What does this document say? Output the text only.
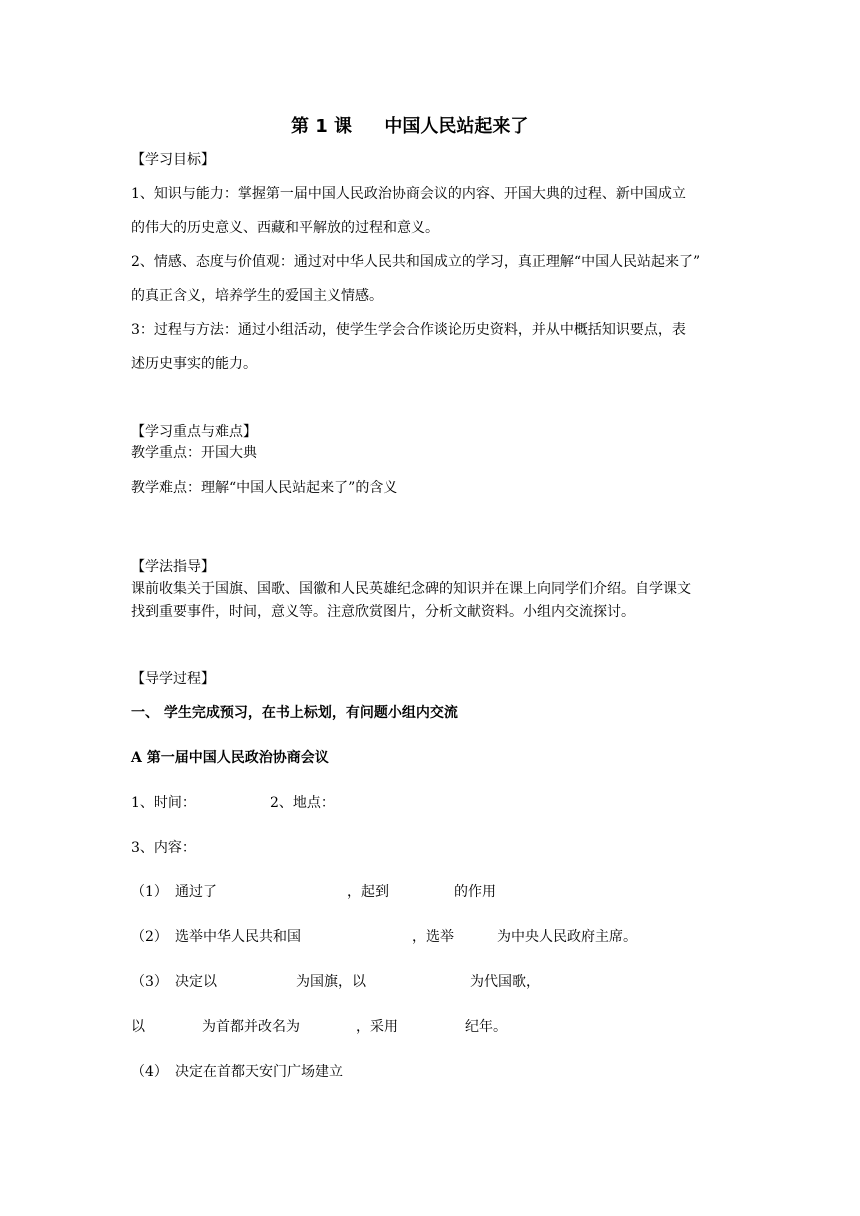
第 1 课 中国人民站起来了
【学习目标】
1、知识与能力：掌握第一届中国人民政治协商会议的内容、开国大典的过程、新中国成立
的伟大的历史意义、西藏和平解放的过程和意义。
2、情感、态度与价值观：通过对中华人民共和国成立的学习，真正理解“中国人民站起来了”
的真正含义，培养学生的爱国主义情感。
3：过程与方法：通过小组活动，使学生学会合作谈论历史资料，并从中概括知识要点，表
述历史事实的能力。
【学习重点与难点】
教学重点：开国大典
教学难点：理解“中国人民站起来了”的含义
【学法指导】
课前收集关于国旗、国歌、国徽和人民英雄纪念碑的知识并在课上向同学们介绍。自学课文
找到重要事件，时间，意义等。注意欣赏图片，分析文献资料。小组内交流探讨。
【导学过程】
一、 学生完成预习，在书上标划，有问题小组内交流
A 第一届中国人民政治协商会议
1、时间：	2、地点：
3、内容：
（1） 通过了	，起到	的作用
（2） 选举中华人民共和国	，选举	为中央人民政府主席。
（3） 决定以	为国旗，以	为代国歌，
以	为首都并改名为	，采用	纪年。
（4） 决定在首都天安门广场建立
